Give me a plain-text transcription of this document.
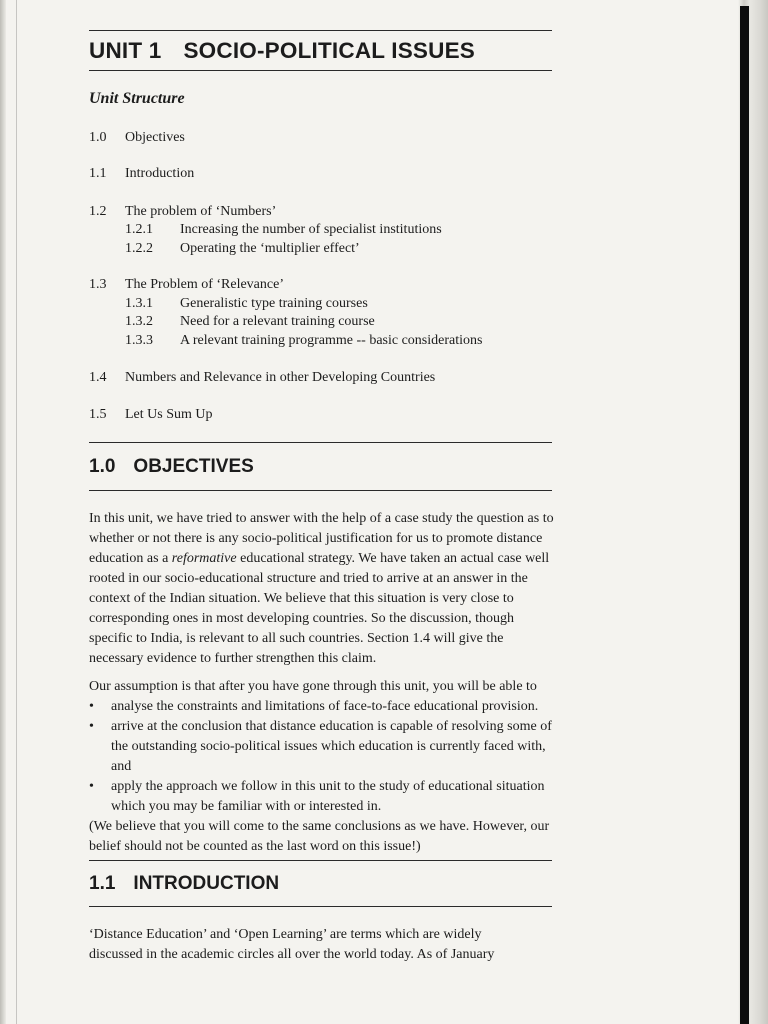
UNIT 1 SOCIO-POLITICAL ISSUES
Unit Structure
1.0 Objectives
1.1 Introduction
1.2 The problem of ‘Numbers’
1.2.1 Increasing the number of specialist institutions
1.2.2 Operating the ‘multiplier effect’
1.3 The Problem of ‘Relevance’
1.3.1 Generalistic type training courses
1.3.2 Need for a relevant training course
1.3.3 A relevant training programme -- basic considerations
1.4 Numbers and Relevance in other Developing Countries
1.5 Let Us Sum Up
1.0 OBJECTIVES

In this unit, we have tried to answer with the help of a case study the question as to whether or not there is any socio-political justification for us to promote distance education as a reformative educational strategy. We have taken an actual case well rooted in our socio-educational structure and tried to arrive at an answer in the context of the Indian situation. We believe that this situation is very close to corresponding ones in most developing countries. So the discussion, though specific to India, is relevant to all such countries. Section 1.4 will give the necessary evidence to further strengthen this claim.

Our assumption is that after you have gone through this unit, you will be able to

• analyse the constraints and limitations of face-to-face educational provision.
• arrive at the conclusion that distance education is capable of resolving some of the outstanding socio-political issues which education is currently faced with, and
• apply the approach we follow in this unit to the study of educational situation which you may be familiar with or interested in.

(We believe that you will come to the same conclusions as we have. However, our belief should not be counted as the last word on this issue!)

1.1 INTRODUCTION
‘Distance Education’ and ‘Open Learning’ are terms which are widely discussed in the academic circles all over the world today. As of January
